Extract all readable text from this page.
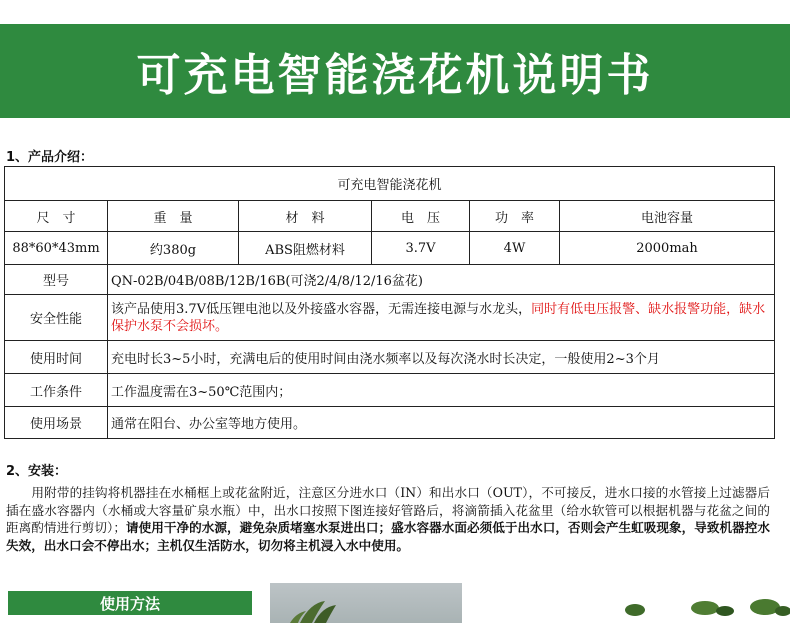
可充电智能浇花机说明书
1、产品介绍：
可充电智能浇花机					
尺　寸	重　量	材　料	电　压	功　率	电池容量
88*60*43mm	约380g	ABS阻燃材料	3.7V	4W	2000mah
型号	QN-02B/04B/08B/12B/16B(可浇2/4/8/12/16盆花)				
安全性能	该产品使用3.7V低压锂电池以及外接盛水容器，无需连接电源与水龙头，同时有低电压报警、缺水报警功能，缺水保护水泵不会损坏。				
使用时间	充电时长3~5小时，充满电后的使用时间由浇水频率以及每次浇水时长决定，一般使用2~3个月				
工作条件	工作温度需在3~50℃范围内；				
使用场景	通常在阳台、办公室等地方使用。				
2、安装：
　　用附带的挂钩将机器挂在水桶框上或花盆附近，注意区分进水口（IN）和出水口（OUT），不可接反，进水口接的水管接上过滤器后插在盛水容器内（水桶或大容量矿泉水瓶）中，出水口按照下图连接好管路后，将滴箭插入花盆里（给水软管可以根据机器与花盆之间的距离酌情进行剪切）；请使用干净的水源，避免杂质堵塞水泵进出口；盛水容器水面必须低于出水口，否则会产生虹吸现象，导致机器控水失效，出水口会不停出水；主机仅生活防水，切勿将主机浸入水中使用。
使用方法
